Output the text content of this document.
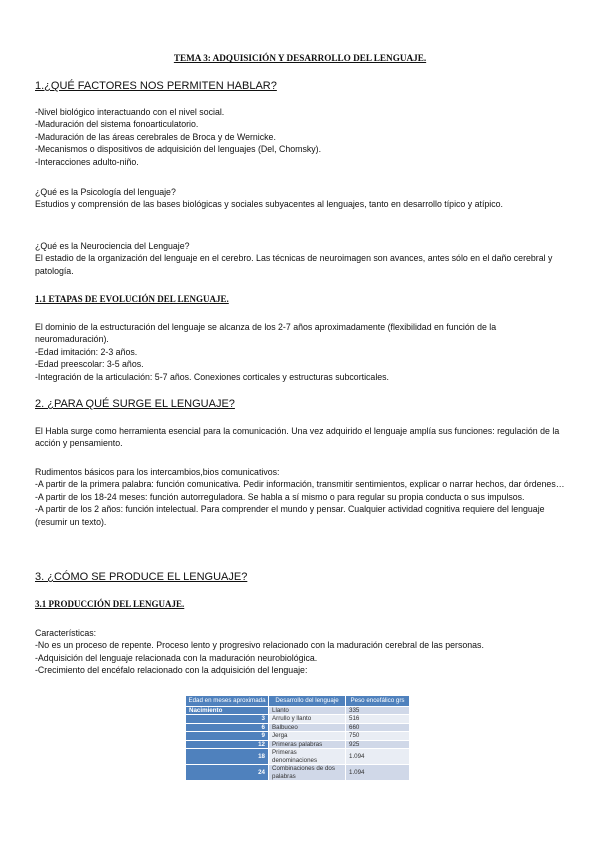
TEMA 3: ADQUISICIÓN Y DESARROLLO DEL LENGUAJE.
1.¿QUÉ FACTORES NOS PERMITEN HABLAR?
-Nivel biológico interactuando con el nivel social.
-Maduración del sistema fonoarticulatorio.
-Maduración de las áreas cerebrales de Broca y de Wernicke.
-Mecanismos o dispositivos de adquisición del lenguajes (Del, Chomsky).
-Interacciones adulto-niño.
¿Qué es la Psicología del lenguaje?
Estudios y comprensión de las bases biológicas y sociales subyacentes al lenguajes, tanto en desarrollo típico y atípico.
¿Qué es la Neurociencia del Lenguaje?
El estadio de la organización del lenguaje en el cerebro. Las técnicas de neuroimagen son avances, antes sólo en el daño cerebral y patología.
1.1 ETAPAS DE EVOLUCIÓN DEL LENGUAJE.
El dominio de la estructuración del lenguaje se alcanza de los 2-7 años aproximadamente (flexibilidad en función de la neuromaduración).
-Edad imitación: 2-3 años.
-Edad preescolar: 3-5 años.
-Integración de la articulación: 5-7 años. Conexiones corticales y estructuras subcorticales.
2. ¿PARA QUÉ SURGE EL LENGUAJE?
El Habla surge como herramienta esencial para la comunicación. Una vez adquirido el lenguaje amplía sus funciones: regulación de la acción y pensamiento.
Rudimentos básicos para los intercambios,bios comunicativos:
-A partir de la primera palabra: función comunicativa. Pedir información, transmitir sentimientos, explicar o narrar hechos, dar órdenes…
-A partir de los 18-24 meses: función autorreguladora. Se habla a sí mismo o para regular su propia conducta o sus impulsos.
-A partir de los 2 años: función intelectual. Para comprender el mundo y pensar. Cualquier actividad cognitiva requiere del lenguaje (resumir un texto).
3. ¿CÓMO SE PRODUCE EL LENGUAJE?
3.1 PRODUCCIÓN DEL LENGUAJE.
Características:
-No es un proceso de repente. Proceso lento y progresivo relacionado con la maduración cerebral de las personas.
-Adquisición del lenguaje relacionada con la maduración neurobiológica.
-Crecimiento del encéfalo relacionado con la adquisición del lenguaje:
Edad en meses aproximada	Desarrollo del lenguaje	Peso encefálico grs
Nacimiento	Llanto	335
3	Arrullo y llanto	516
6	Balbuceo	660
9	Jerga	750
12	Primeras palabras	925
18	Primeras denominaciones	1.094
24	Combinaciones de dos palabras	1.094
